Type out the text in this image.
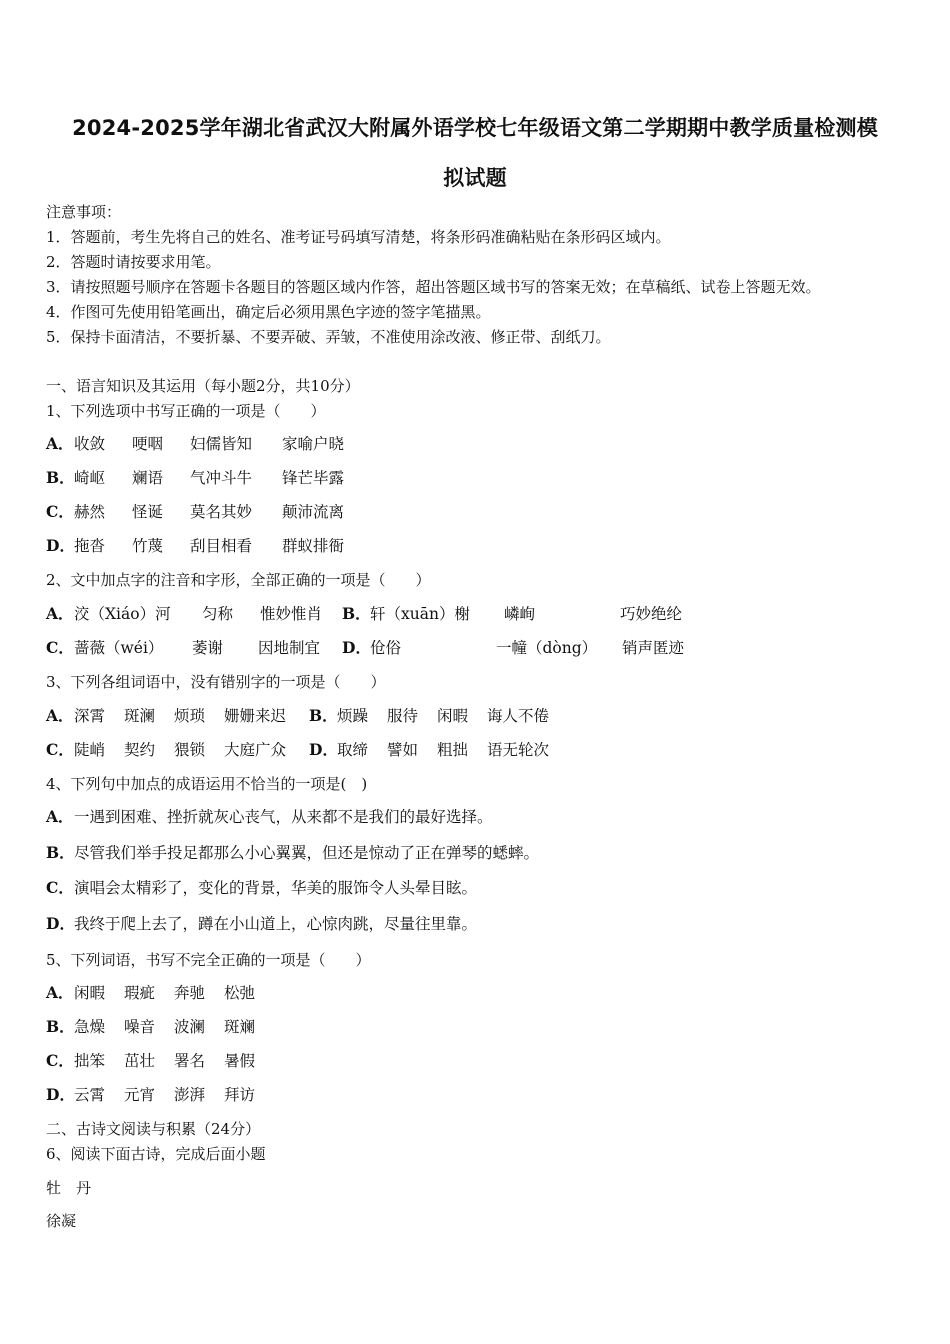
2024-2025学年湖北省武汉大附属外语学校七年级语文第二学期期中教学质量检测模
拟试题
注意事项：
1．答题前，考生先将自己的姓名、准考证号码填写清楚，将条形码准确粘贴在条形码区域内。
2．答题时请按要求用笔。
3．请按照题号顺序在答题卡各题目的答题区域内作答，超出答题区域书写的答案无效；在草稿纸、试卷上答题无效。
4．作图可先使用铅笔画出，确定后必须用黑色字迹的签字笔描黑。
5．保持卡面清洁，不要折暴、不要弄破、弄皱，不准使用涂改液、修正带、刮纸刀。
一、语言知识及其运用（每小题2分，共10分）
1、下列选项中书写正确的一项是（　　）
A．收敛 哽咽 妇儒皆知 家喻户晓
B．崎岖 斓语 气冲斗牛 锋芒毕露
C．赫然 怪诞 莫名其妙 颠沛流离
D．拖沓 竹蔑 刮目相看 群蚁排衙
2、文中加点字的注音和字形，全部正确的一项是（　　）
A．洨（Xiáo）河 匀称 惟妙惟肖 B．轩（xuān）榭 嶙峋	巧妙绝纶
C．蔷薇（wéi） 萎谢 因地制宜 D．伧俗	一幢（dòng） 销声匿迹
3、下列各组词语中，没有错别字的一项是（　　）
A．深霄 斑澜 烦琐 姗姗来迟 B．烦躁 服待 闲暇 诲人不倦
C．陡峭 契约 猥锁 大庭广众 D．取缔 譬如 粗拙 语无轮次
4、下列句中加点的成语运用不恰当的一项是(　)
A．一遇到困难、挫折就灰心丧气，从来都不是我们的最好选择。
B．尽管我们举手投足都那么小心翼翼，但还是惊动了正在弹琴的蟋蟀。
C．演唱会太精彩了，变化的背景，华美的服饰令人头晕目眩。
D．我终于爬上去了，蹲在小山道上，心惊肉跳，尽量往里靠。
5、下列词语，书写不完全正确的一项是（　　）
A．闲暇 瑕疵 奔驰 松弛
B．急燥 噪音 波澜 斑斓
C．拙笨 茁壮 署名 暑假
D．云霄 元宵 澎湃 拜访
二、古诗文阅读与积累（24分）
6、阅读下面古诗，完成后面小题
牡　丹
徐凝
